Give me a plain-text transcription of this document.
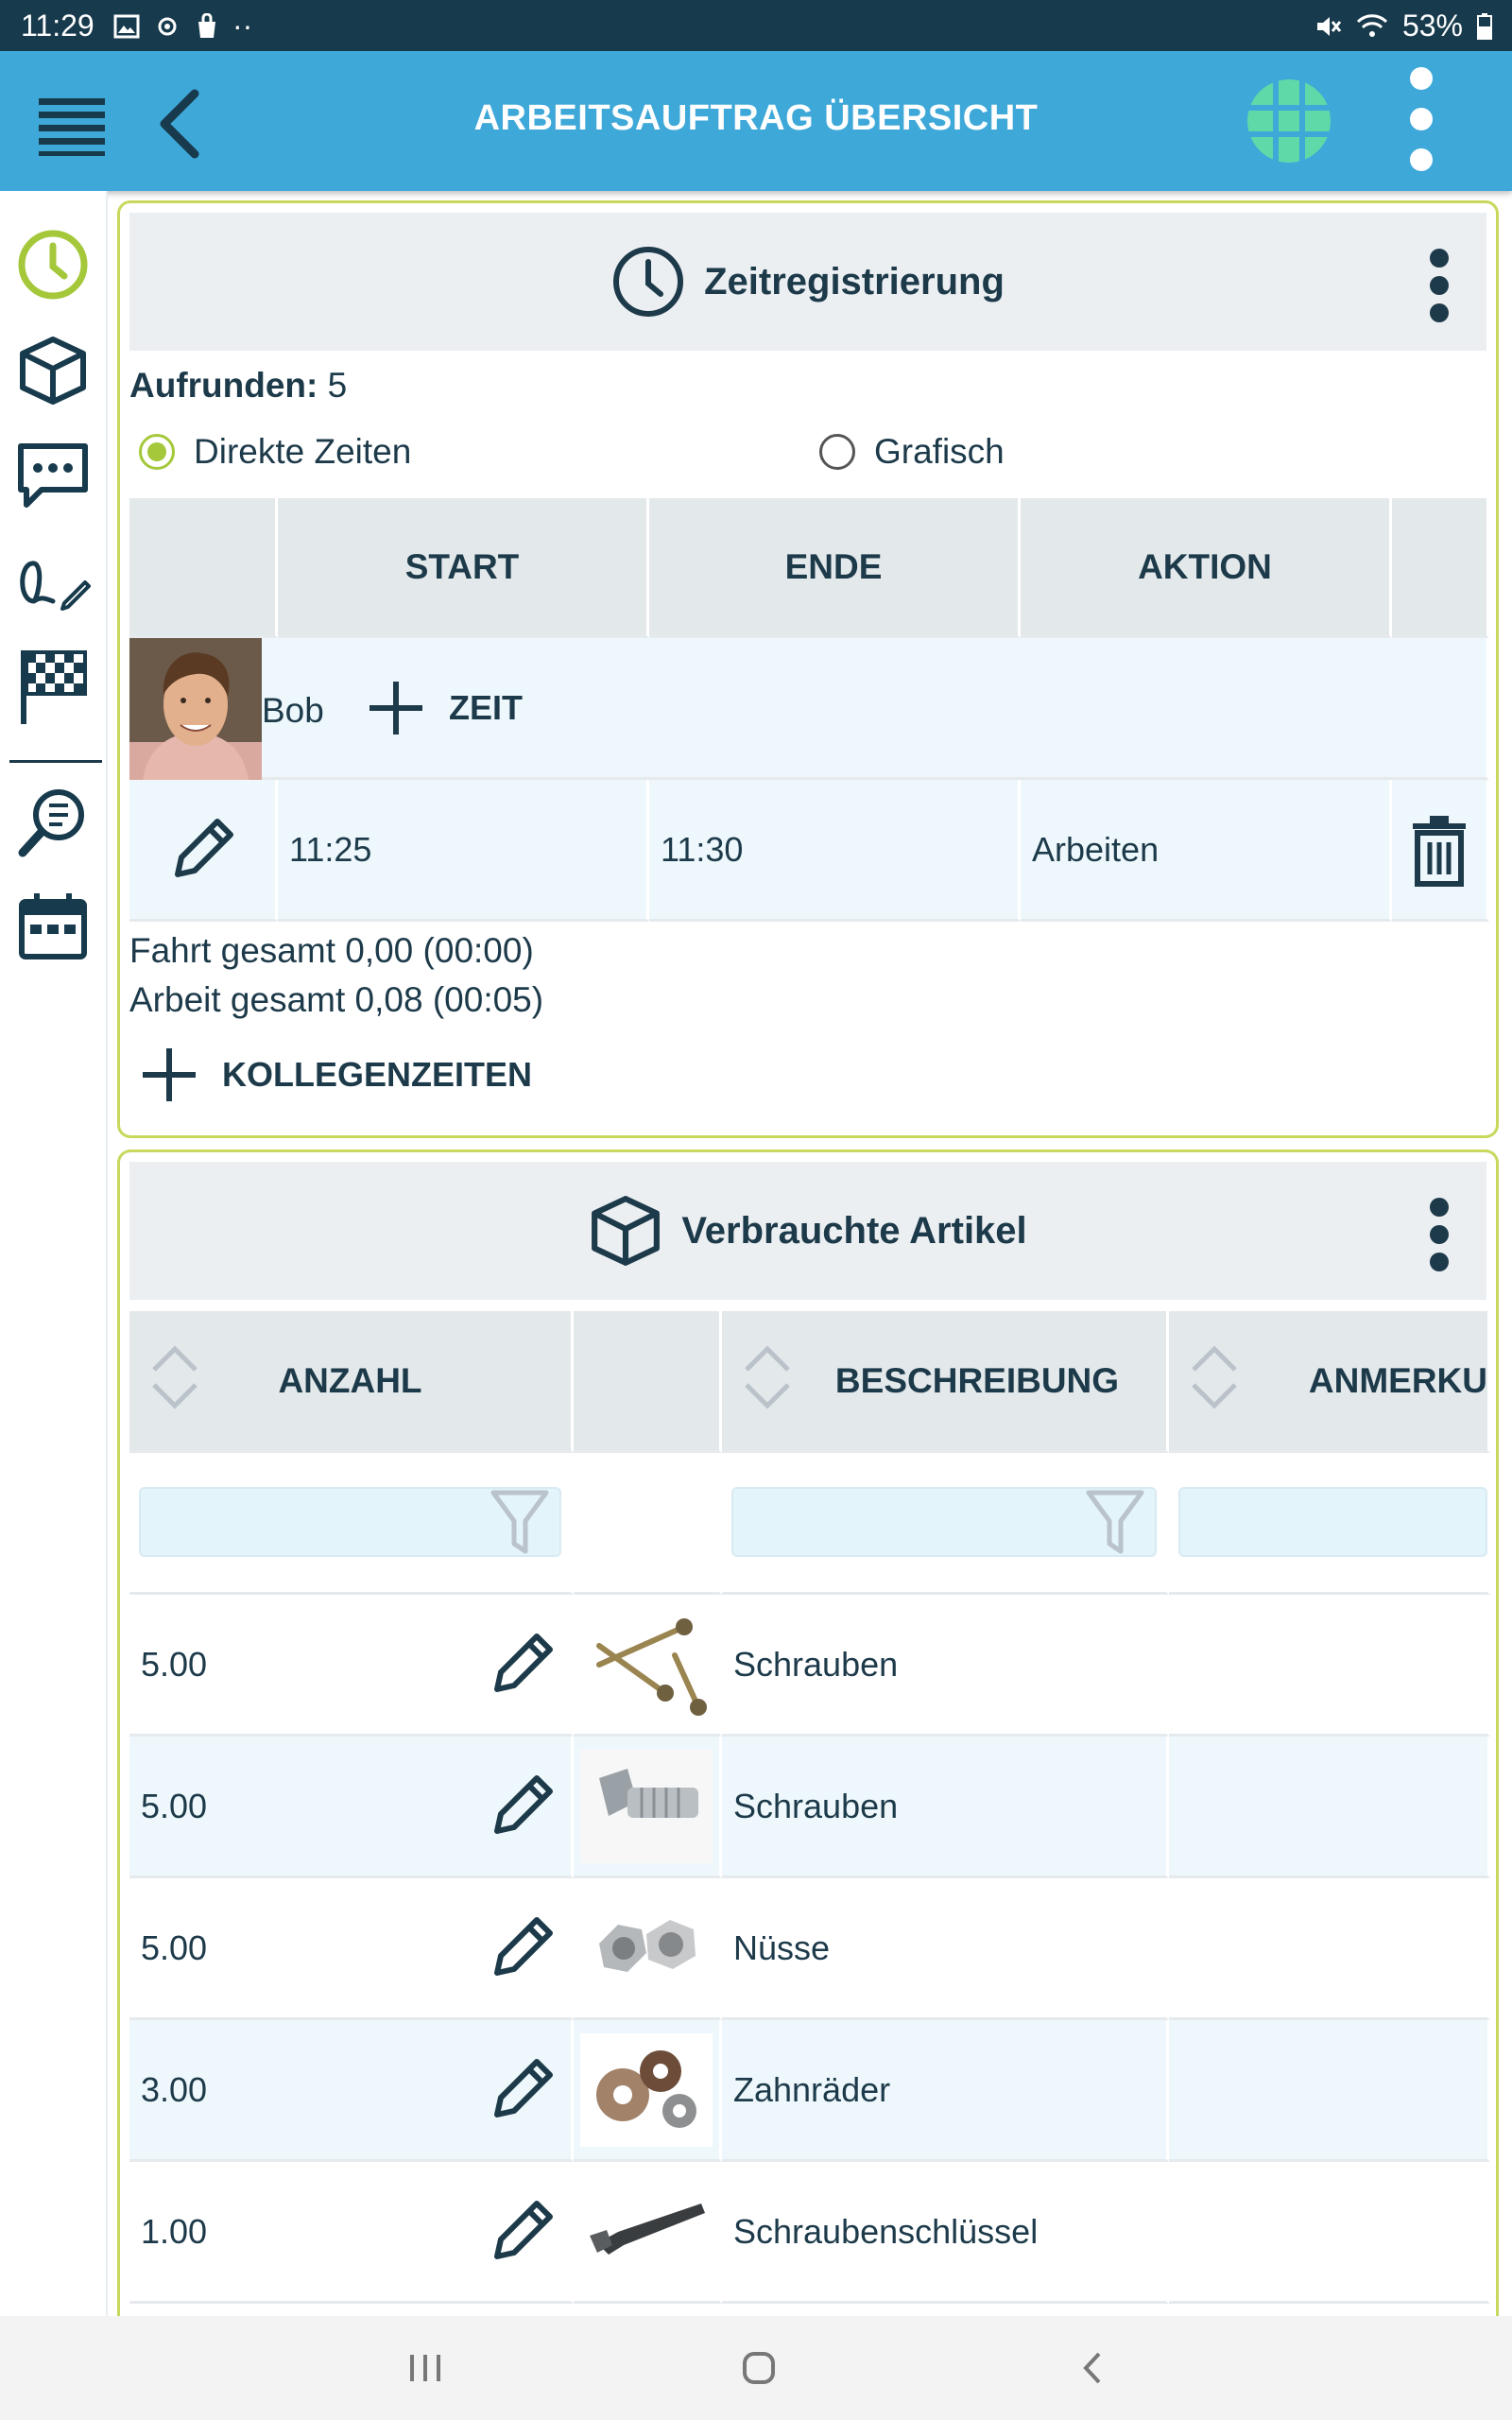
11:29	··	53%
ARBEITSAUFTRAG ÜBERSICHT
Zeitregistrierung
Aufrunden: 5
Direkte Zeiten	Grafisch
START	ENDE	AKTION
Bob	ZEIT
11:25	11:30	Arbeiten
Fahrt gesamt 0,00 (00:00)
Arbeit gesamt 0,08 (00:05)
KOLLEGENZEITEN
Verbrauchte Artikel
ANZAHL	BESCHREIBUNG	ANMERKU
5.00	Schrauben
5.00	Schrauben
5.00	Nüsse
3.00	Zahnräder
1.00	Schraubenschlüssel
